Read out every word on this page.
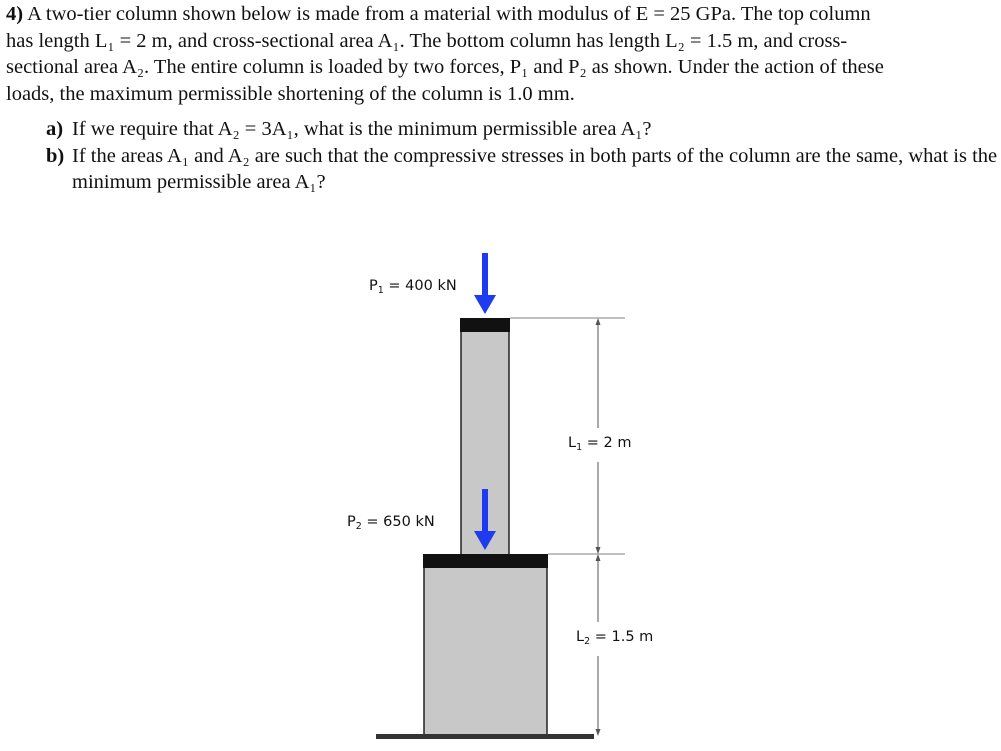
4) A two-tier column shown below is made from a material with modulus of E = 25 GPa. The top column
has length L₁ = 2 m, and cross-sectional area A₁. The bottom column has length L₂ = 1.5 m, and cross-
sectional area A₂. The entire column is loaded by two forces, P₁ and P₂ as shown. Under the action of these
loads, the maximum permissible shortening of the column is 1.0 mm.

a) If we require that A₂ = 3A₁, what is the minimum permissible area A₁?
b) If the areas A₁ and A₂ are such that the compressive stresses in both parts of the column are the same, what is the minimum permissible area A₁?
$P_1 = 400$ kN
$P_2 = 650$ kN
$L_1 = 2$ m
$L_2 = 1.5$ m
